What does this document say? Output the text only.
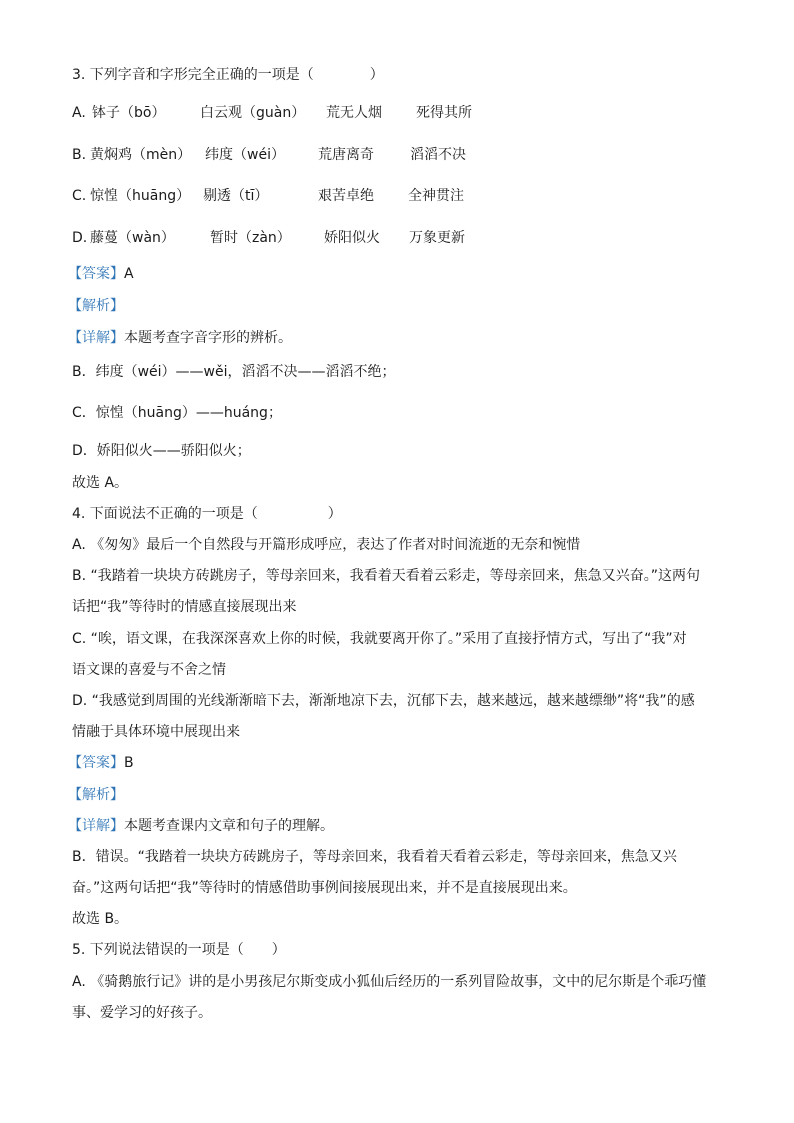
3. 下列字音和字形完全正确的一项是（　　　　）
A. 钵子（bō） 白云观（guàn） 荒无人烟 死得其所
B. 黄焖鸡（mèn） 纬度（wéi） 荒唐离奇	滔滔不决
C. 惊惶（huāng） 剔透（tī）	艰苦卓绝 全神贯注
D. 藤蔓（wàn）	暂时（zàn） 娇阳似火 万象更新
【答案】A
【解析】
【详解】本题考查字音字形的辨析。
B．纬度（wéi）——wěi，滔滔不决——滔滔不绝；
C．惊惶（huāng）——huáng；
D．娇阳似火——骄阳似火；
故选 A。
4. 下面说法不正确的一项是（　　　　　）
A. 《匆匆》最后一个自然段与开篇形成呼应，表达了作者对时间流逝的无奈和惋惜
B. “我踏着一块块方砖跳房子，等母亲回来，我看着天看着云彩走，等母亲回来，焦急又兴奋。”这两句
话把“我”等待时的情感直接展现出来
C. “唉，语文课，在我深深喜欢上你的时候，我就要离开你了。”采用了直接抒情方式，写出了“我”对
语文课的喜爱与不舍之情
D. “我感觉到周围的光线渐渐暗下去，渐渐地凉下去，沉郁下去，越来越远，越来越缥缈”将“我”的感
情融于具体环境中展现出来
【答案】B
【解析】
【详解】本题考查课内文章和句子的理解。
B．错误。“我踏着一块块方砖跳房子，等母亲回来，我看着天看着云彩走，等母亲回来，焦急又兴
奋。”这两句话把“我”等待时的情感借助事例间接展现出来，并不是直接展现出来。
故选 B。
5. 下列说法错误的一项是（　　）
A. 《骑鹅旅行记》讲的是小男孩尼尔斯变成小狐仙后经历的一系列冒险故事，文中的尼尔斯是个乖巧懂
事、爱学习的好孩子。
